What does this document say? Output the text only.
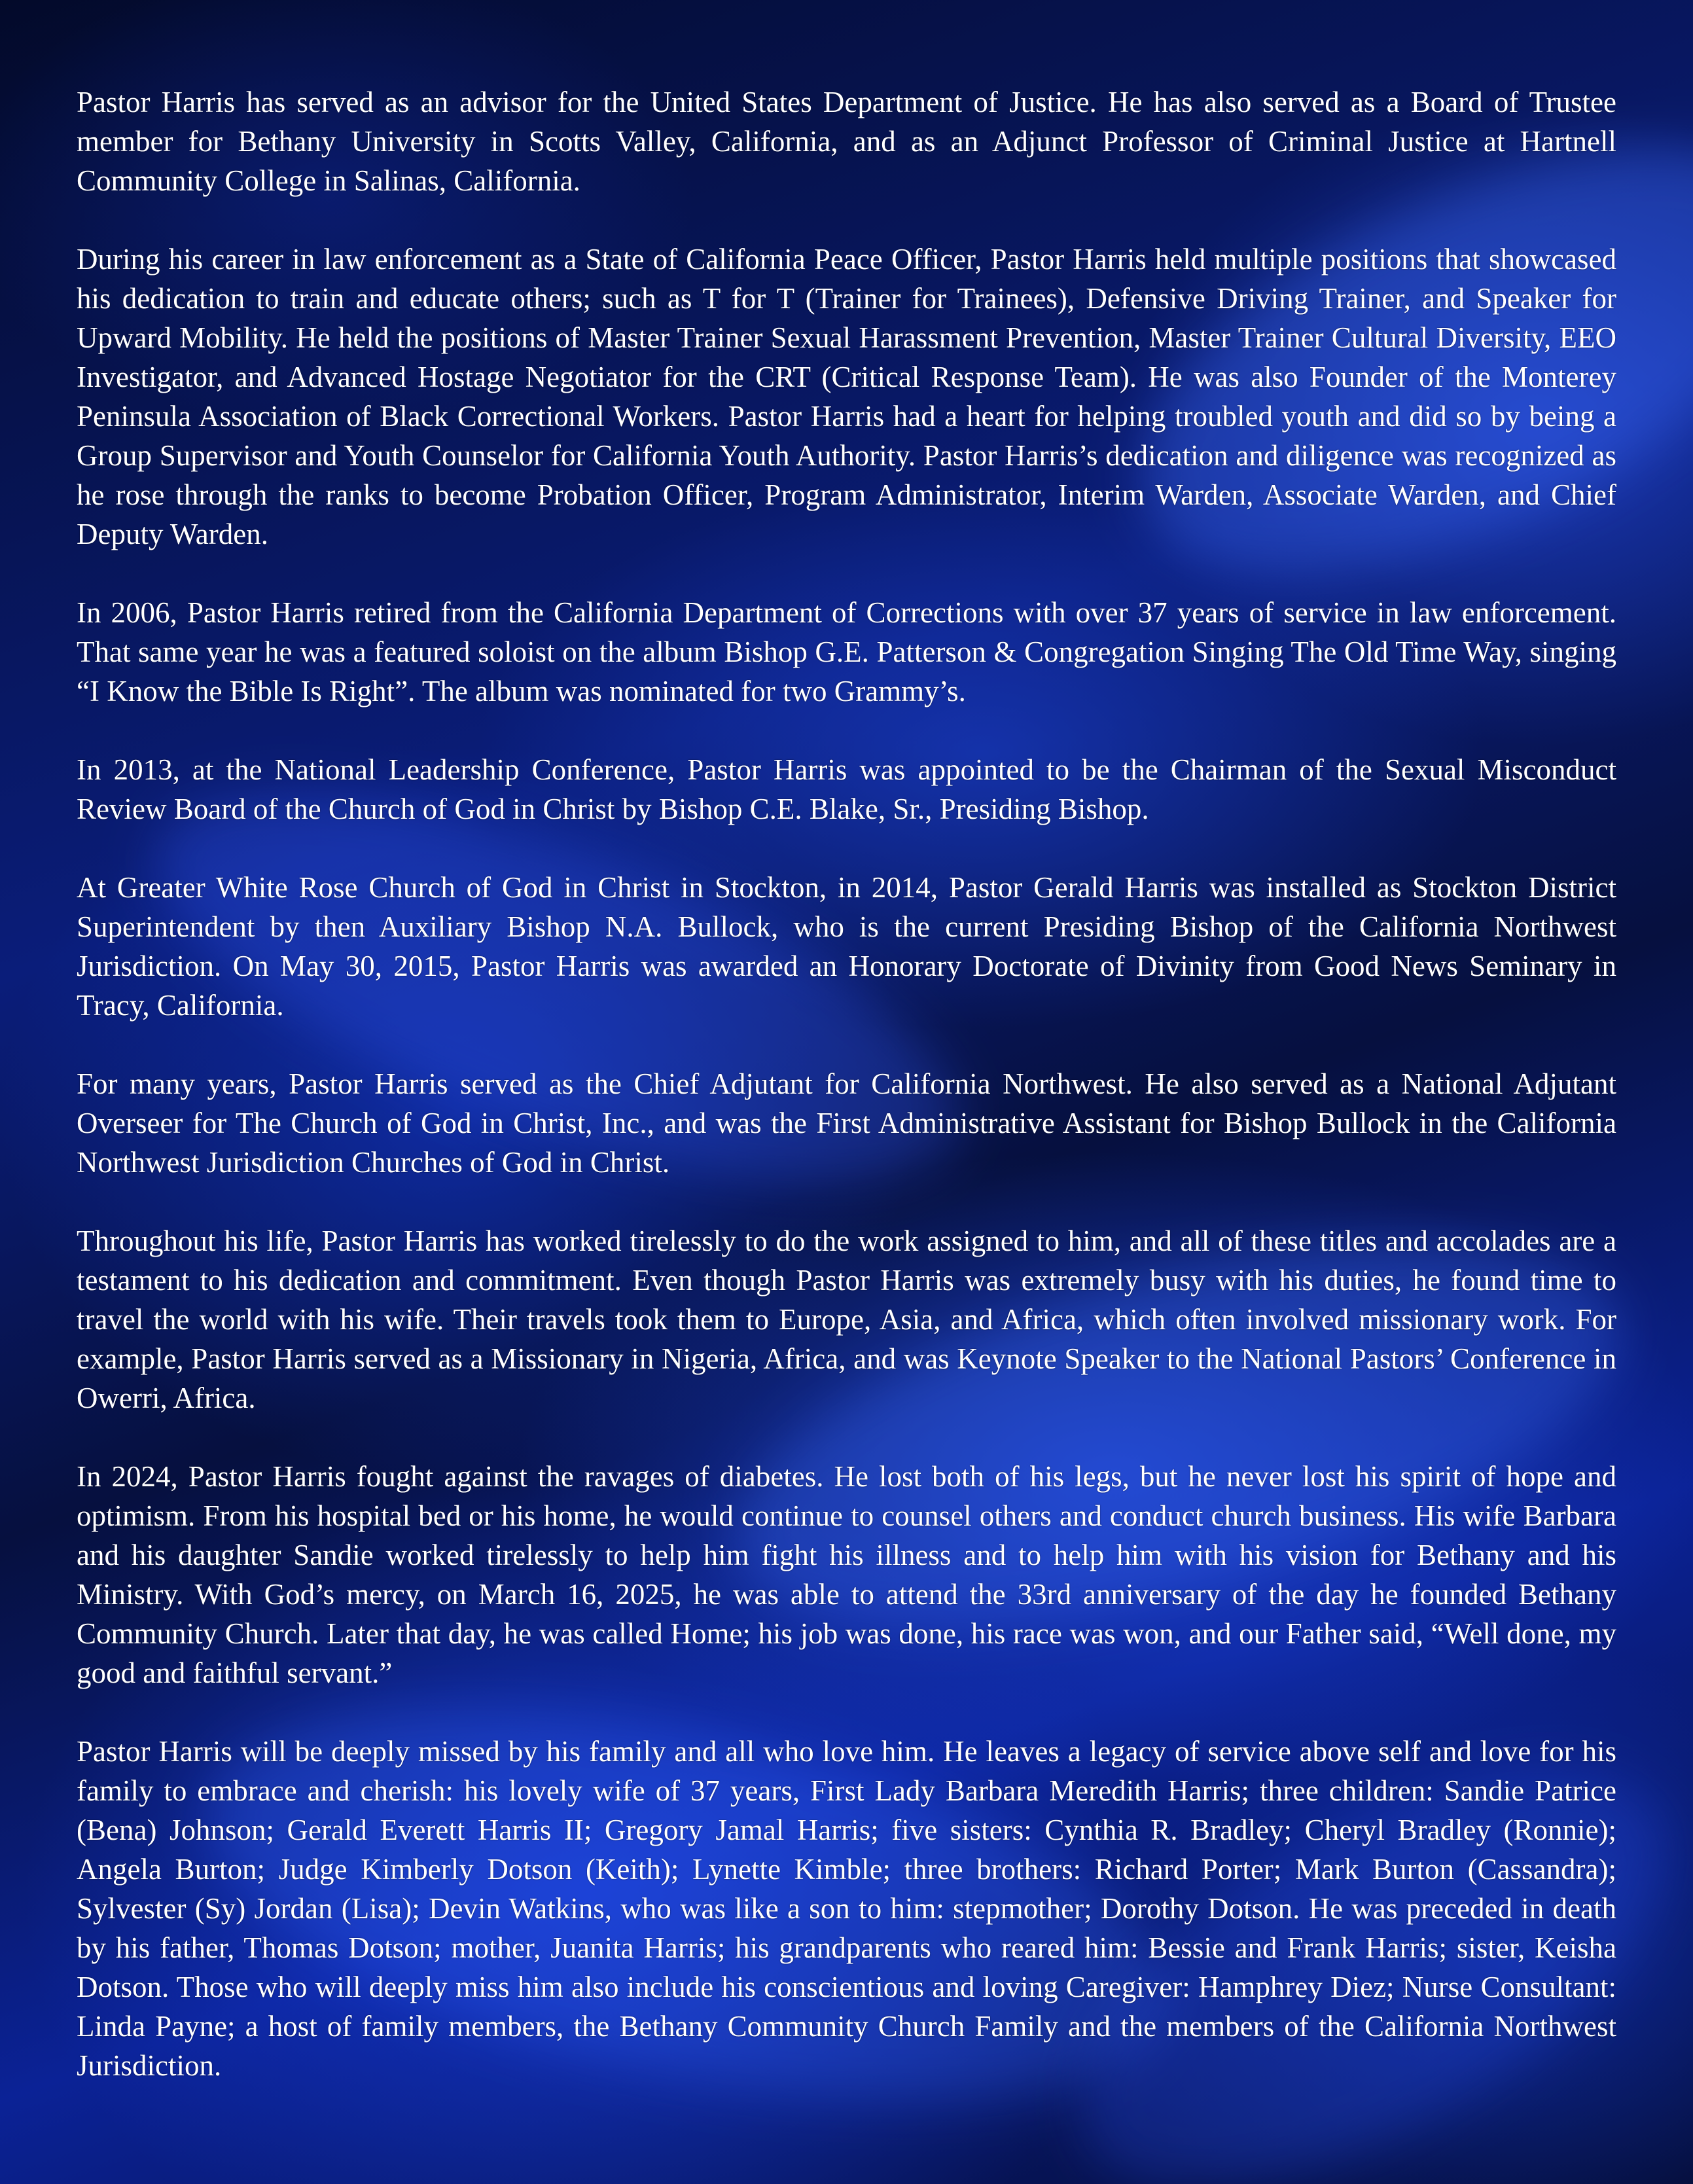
Pastor Harris has served as an advisor for the United States Department of Justice. He has also served as a Board of Trustee member for Bethany University in Scotts Valley, California, and as an Adjunct Professor of Criminal Justice at Hartnell Community College in Salinas, California.

During his career in law enforcement as a State of California Peace Officer, Pastor Harris held multiple positions that showcased his dedication to train and educate others; such as T for T (Trainer for Trainees), Defensive Driving Trainer, and Speaker for Upward Mobility. He held the positions of Master Trainer Sexual Harassment Prevention, Master Trainer Cultural Diversity, EEO Investigator, and Advanced Hostage Negotiator for the CRT (Critical Response Team). He was also Founder of the Monterey Peninsula Association of Black Correctional Workers. Pastor Harris had a heart for helping troubled youth and did so by being a Group Supervisor and Youth Counselor for California Youth Authority. Pastor Harris’s dedication and diligence was recognized as he rose through the ranks to become Probation Officer, Program Administrator, Interim Warden, Associate Warden, and Chief Deputy Warden.

In 2006, Pastor Harris retired from the California Department of Corrections with over 37 years of service in law enforcement. That same year he was a featured soloist on the album Bishop G.E. Patterson & Congregation Singing The Old Time Way, singing “I Know the Bible Is Right”. The album was nominated for two Grammy’s.

In 2013, at the National Leadership Conference, Pastor Harris was appointed to be the Chairman of the Sexual Misconduct Review Board of the Church of God in Christ by Bishop C.E. Blake, Sr., Presiding Bishop.

At Greater White Rose Church of God in Christ in Stockton, in 2014, Pastor Gerald Harris was installed as Stockton District Superintendent by then Auxiliary Bishop N.A. Bullock, who is the current Presiding Bishop of the California Northwest Jurisdiction. On May 30, 2015, Pastor Harris was awarded an Honorary Doctorate of Divinity from Good News Seminary in Tracy, California.

For many years, Pastor Harris served as the Chief Adjutant for California Northwest. He also served as a National Adjutant Overseer for The Church of God in Christ, Inc., and was the First Administrative Assistant for Bishop Bullock in the California Northwest Jurisdiction Churches of God in Christ.

Throughout his life, Pastor Harris has worked tirelessly to do the work assigned to him, and all of these titles and accolades are a testament to his dedication and commitment. Even though Pastor Harris was extremely busy with his duties, he found time to travel the world with his wife. Their travels took them to Europe, Asia, and Africa, which often involved missionary work. For example, Pastor Harris served as a Missionary in Nigeria, Africa, and was Keynote Speaker to the National Pastors’ Conference in Owerri, Africa.

In 2024, Pastor Harris fought against the ravages of diabetes. He lost both of his legs, but he never lost his spirit of hope and optimism. From his hospital bed or his home, he would continue to counsel others and conduct church business. His wife Barbara and his daughter Sandie worked tirelessly to help him fight his illness and to help him with his vision for Bethany and his Ministry. With God’s mercy, on March 16, 2025, he was able to attend the 33rd anniversary of the day he founded Bethany Community Church. Later that day, he was called Home; his job was done, his race was won, and our Father said, “Well done, my good and faithful servant.”

Pastor Harris will be deeply missed by his family and all who love him. He leaves a legacy of service above self and love for his family to embrace and cherish: his lovely wife of 37 years, First Lady Barbara Meredith Harris; three children: Sandie Patrice (Bena) Johnson; Gerald Everett Harris II; Gregory Jamal Harris; five sisters: Cynthia R. Bradley; Cheryl Bradley (Ronnie); Angela Burton; Judge Kimberly Dotson (Keith); Lynette Kimble; three brothers: Richard Porter; Mark Burton (Cassandra); Sylvester (Sy) Jordan (Lisa); Devin Watkins, who was like a son to him: stepmother; Dorothy Dotson. He was preceded in death by his father, Thomas Dotson; mother, Juanita Harris; his grandparents who reared him: Bessie and Frank Harris; sister, Keisha Dotson. Those who will deeply miss him also include his conscientious and loving Caregiver: Hamphrey Diez; Nurse Consultant: Linda Payne; a host of family members, the Bethany Community Church Family and the members of the California Northwest Jurisdiction.
